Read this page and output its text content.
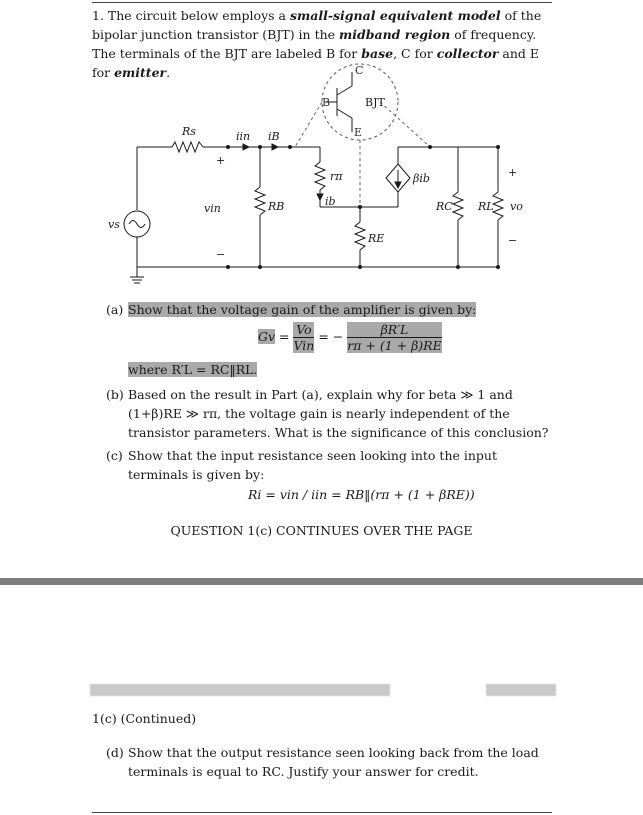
1. The circuit below employs a small-signal equivalent model of the bipolar junction transistor (BJT) in the midband region of frequency. The terminals of the BJT are labeled B for base, C for collector and E for emitter.
B
C
E
BJT
Rs	iin iB
+
vin
−
RB
rπ
ib
βib
RE
RC RL vo
+
−
vs
(a) Show that the voltage gain of the amplifier is given by:
Gv = Vo
Vin
= − $\frac{\beta R'L}{r\pi + (1 + \beta)RE}$
where R′L = RC‖RL.
(b) Based on the result in Part (a), explain why for beta ≫ 1 and (1+β)RE ≫ rπ, the voltage gain is nearly independent of the transistor parameters. What is the significance of this conclusion?
(c) Show that the input resistance seen looking into the input terminals is given by:
Ri = vin / iin = RB‖(rπ + (1 + βRE))
QUESTION 1(c) CONTINUES OVER THE PAGE
1(c) (Continued)
(d) Show that the output resistance seen looking back from the load terminals is equal to RC. Justify your answer for credit.
